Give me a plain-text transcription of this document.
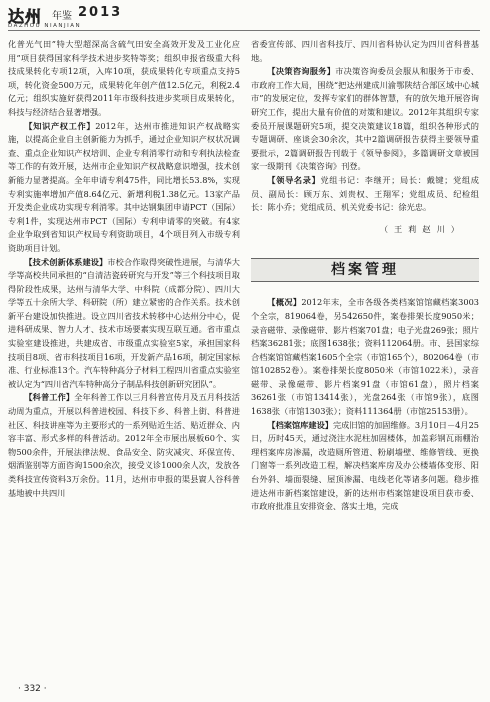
达州 年鉴 2013
DAZHOU NIANJIAN

化普光气田”特大型超深高含硫气田安全高效开发及工业化应用”项目获得国家科学技术进步奖特等奖；组织申报省级重大科技成果转化专项12项，入库10项，获成果转化专项重点支持5项，转化资金500万元，成果转化年创产值12.5亿元，利税2.4亿元；组织实施好获得2011年市级科技进步奖项目成果转化，科技与经济结合显著增强。

【知识产权工作】2012年，达州市推进知识产权战略实施，以提高企业自主创新能力为抓手，通过企业知识产权状况调查、重点企业知识产权培训、企业专利消零行动和专利执法检查等工作的有效开展，达州市企业知识产权战略意识增强，技术创新能力显著提高。全年申请专利475件，同比增长53.8%，实现专利实施率增加产值8.64亿元、新增利税1.38亿元。13家产品开发类企业成功实现专利消零。其中达钢集团申请PCT（国际）专利1件，实现达州市PCT（国际）专利申请零的突破。有4家企业争取到省知识产权局专利资助项目，4个项目列入市级专利资助项目计划。

【技术创新体系建设】市校合作取得突破性进展，与清华大学等高校共同承担的“自清洁瓷砖研究与开发”等三个科技项目取得阶段性成果，达州与清华大学、中科院（成都分院）、四川大学等五十余所大学、科研院（所）建立紧密的合作关系。技术创新平台建设加快推进。设立四川省技术转移中心达州分中心，促进科研成果、智力人才、技术市场要素实现互联互通。省市重点实验室建设推进，共建成省、市级重点实验室5家，承担国家科技项目8项、省市科技项目16项，开发新产品16项，制定国家标准、行业标准13个。汽车特种高分子材料工程四川省重点实验室被认定为“四川省汽车特种高分子制品科技创新研究团队”。

【科普工作】全年科普工作以三月科普宣传月及五月科技活动周为重点，开展以科普进校园、科技下乡、科普上街、科普进社区、科技讲座等为主要形式的一系列贴近生活、贴近群众、内容丰富、形式多样的科普活动。2012年全市展出展板60个、实物500余件，开展法律法规、食品安全、防灾减灾、环保宣传、烟酒鉴别等方面咨询1500余次，接受义诊1000余人次，发放各类科技宣传资料3万余份。11月，达州市申报的渠县賨人谷科普基地被中共四川

省委宣传部、四川省科技厅、四川省科协认定为四川省科普基地。

【决策咨询服务】市决策咨询委员会服从和服务于市委、市政府工作大局，围绕“把达州建成川渝鄂陕结合部区域中心城市”的发展定位，发挥专家们的群体智慧，有的放矢地开展咨询研究工作，提出大量有价值的对策和建议。2012年其组织专家委员开展课题研究5项，提交决策建议18篇，组织各种形式的专题调研、座谈会30余次，其中2篇调研报告获得主要领导重要批示，2篇调研报告刊载于《领导参阅》，多篇调研文章被国家一级期刊《决策咨询》刊登。

【领导名录】党组书记：李继开；局长：戴键；党组成员、副局长：顾万东、刘贵权、王翔军；党组成员、纪检组长：陈小乔；党组成员、机关党委书记：徐光忠。

（王莉赵川）

档案管理

【概况】2012年末，全市各级各类档案馆馆藏档案3003个全宗，819064卷，另542650件，案卷排架长度9050米；录音磁带、录像磁带、影片档案701盘；电子光盘269张；照片档案36281张；底图1638张；资料112064册。市、县国家综合档案馆馆藏档案1605个全宗（市馆165个），802064卷（市馆102852卷）。案卷排架长度8050米（市馆1022米），录音磁带、录像磁带、影片档案91盘（市馆61盘），照片档案36261张（市馆13414张），光盘264张（市馆9张），底图1638张（市馆1303张）；资料111364册（市馆25153册）。

【档案馆库建设】完成旧馆的加固维修。3月10日－4月25日，历时45天，通过浇注水泥柱加固楼体，加盖彩钢瓦雨棚治理档案库房渗漏，改造厕所管道、粉刷墙壁、维修管线、更换门窗等一系列改造工程，解决档案库房及办公楼墙体变形、阳台外斜、墙面裂缝、屋顶渗漏、电线老化等诸多问题。稳步推进达州市新档案馆建设，新的达州市档案馆建设项目获市委、市政府批准且安排资金、落实土地，完成

· 332 ·
